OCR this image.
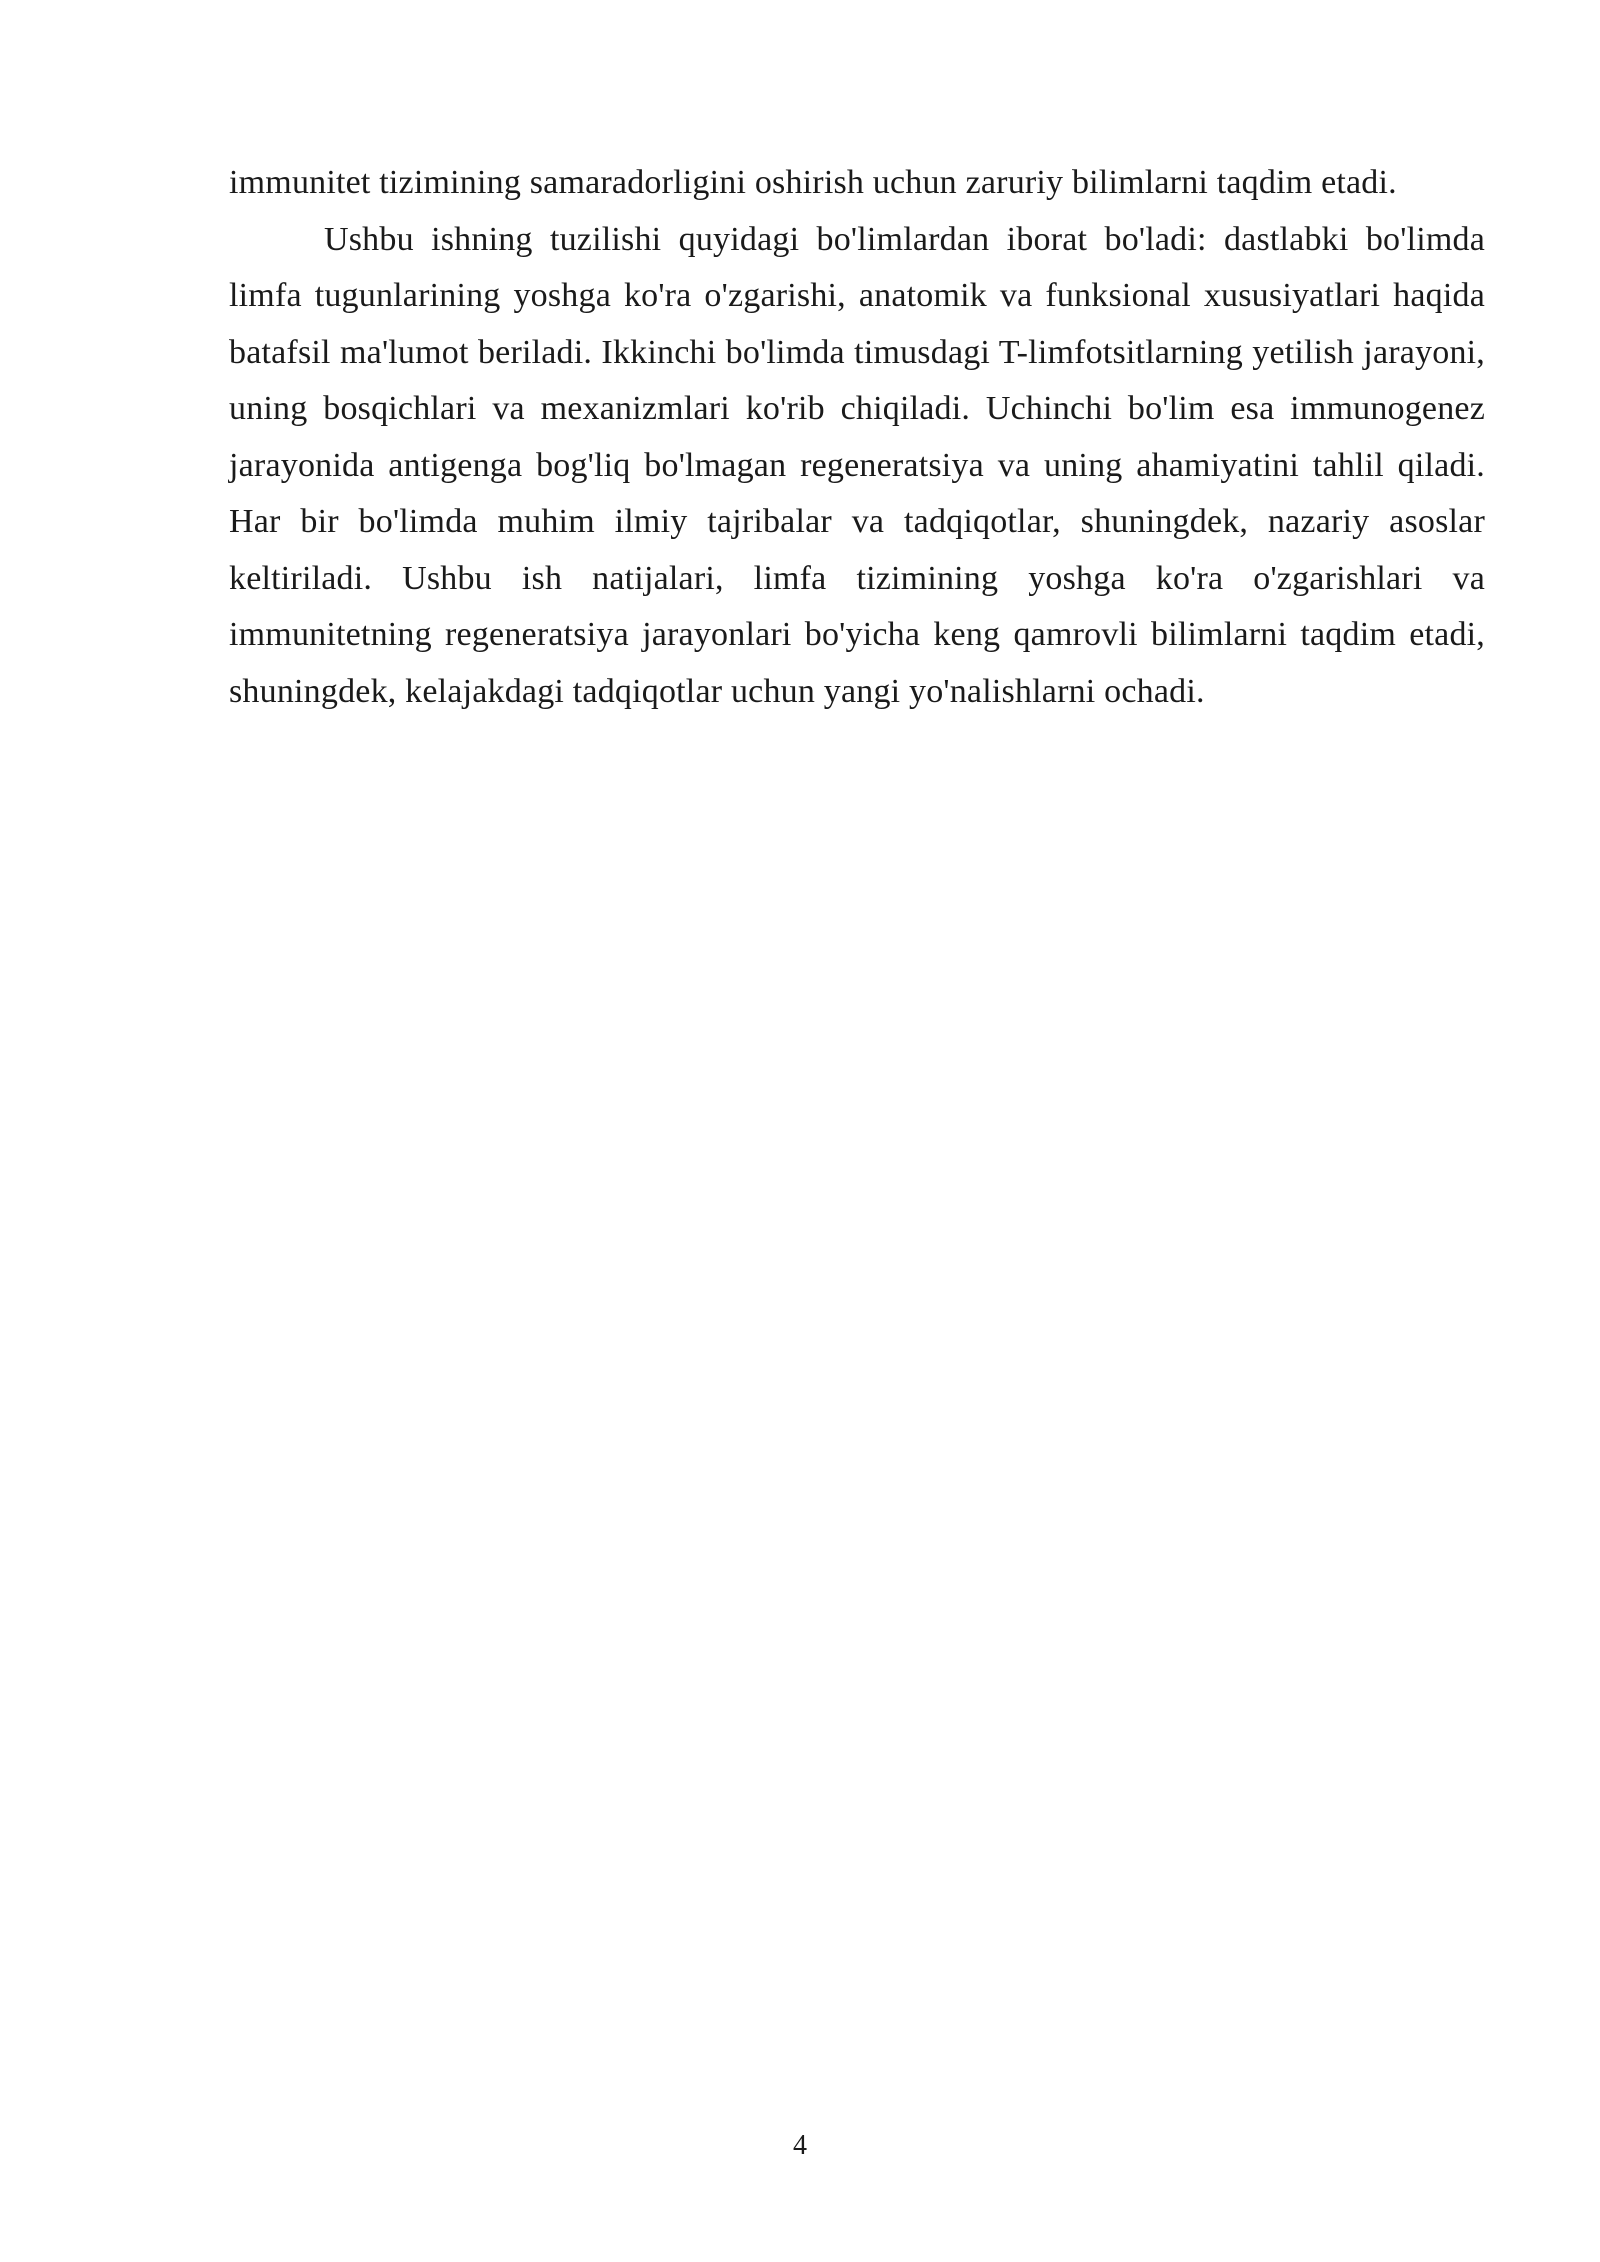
immunitet tizimining samaradorligini oshirish uchun zaruriy bilimlarni taqdim etadi.

Ushbu ishning tuzilishi quyidagi bo'limlardan iborat bo'ladi: dastlabki bo'limda limfa tugunlarining yoshga ko'ra o'zgarishi, anatomik va funksional xususiyatlari haqida batafsil ma'lumot beriladi. Ikkinchi bo'limda timusdagi T-limfotsitlarning yetilish jarayoni, uning bosqichlari va mexanizmlari ko'rib chiqiladi. Uchinchi bo'lim esa immunogenez jarayonida antigenga bog'liq bo'lmagan regeneratsiya va uning ahamiyatini tahlil qiladi. Har bir bo'limda muhim ilmiy tajribalar va tadqiqotlar, shuningdek, nazariy asoslar keltiriladi. Ushbu ish natijalari, limfa tizimining yoshga ko'ra o'zgarishlari va immunitetning regeneratsiya jarayonlari bo'yicha keng qamrovli bilimlarni taqdim etadi, shuningdek, kelajakdagi tadqiqotlar uchun yangi yo'nalishlarni ochadi.

4
